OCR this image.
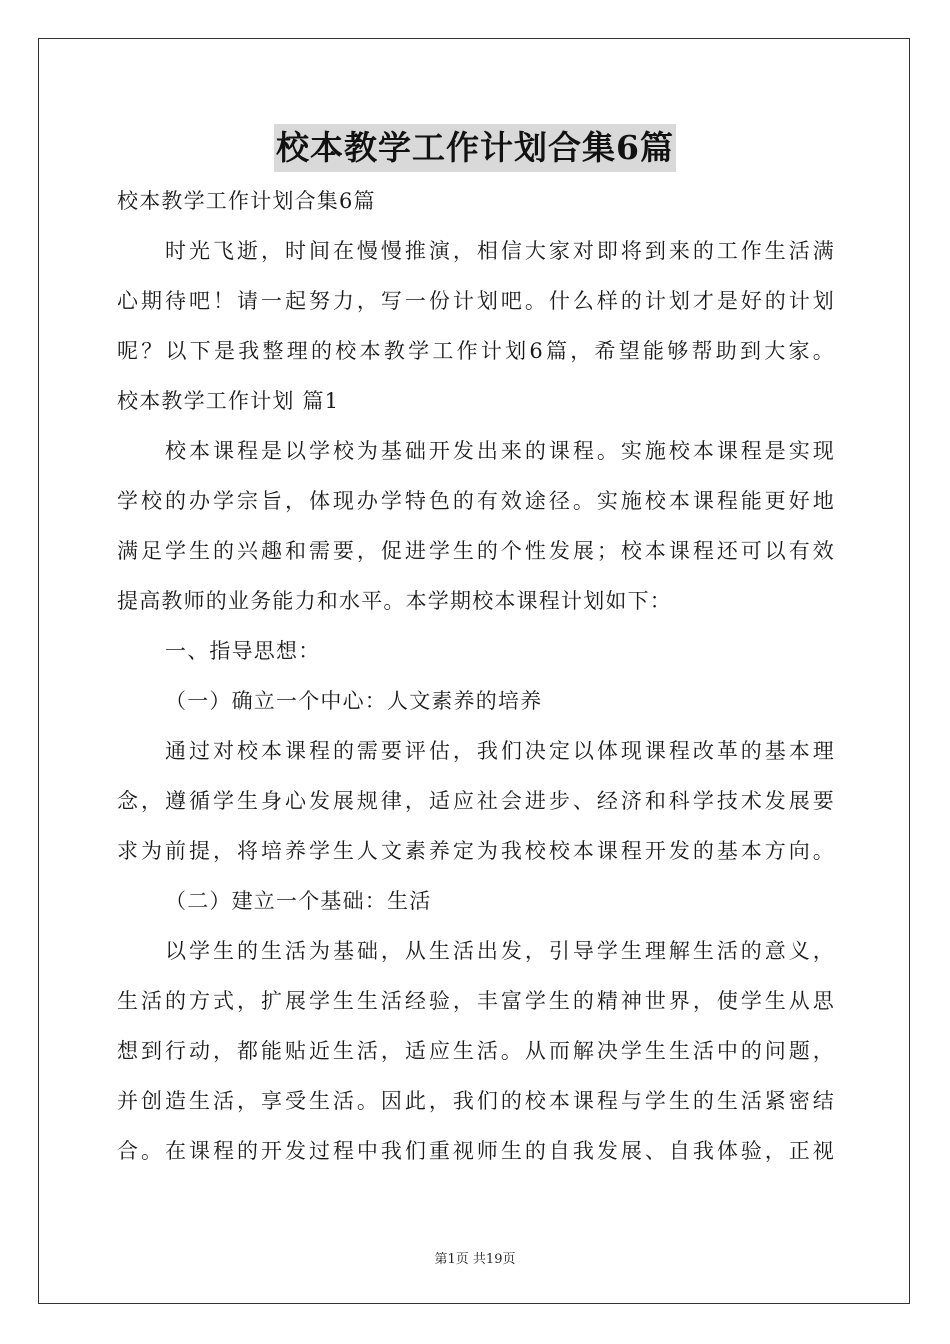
校本教学工作计划合集6篇
校本教学工作计划合集6篇
时光飞逝，时间在慢慢推演，相信大家对即将到来的工作生活满
心期待吧！请一起努力，写一份计划吧。什么样的计划才是好的计划
呢？以下是我整理的校本教学工作计划6篇，希望能够帮助到大家。
校本教学工作计划 篇1
校本课程是以学校为基础开发出来的课程。实施校本课程是实现
学校的办学宗旨，体现办学特色的有效途径。实施校本课程能更好地
满足学生的兴趣和需要，促进学生的个性发展；校本课程还可以有效
提高教师的业务能力和水平。本学期校本课程计划如下：
一、指导思想：
（一）确立一个中心：人文素养的培养
通过对校本课程的需要评估，我们决定以体现课程改革的基本理
念，遵循学生身心发展规律，适应社会进步、经济和科学技术发展要
求为前提，将培养学生人文素养定为我校校本课程开发的基本方向。
（二）建立一个基础：生活
以学生的生活为基础，从生活出发，引导学生理解生活的意义，
生活的方式，扩展学生生活经验，丰富学生的精神世界，使学生从思
想到行动，都能贴近生活，适应生活。从而解决学生生活中的问题，
并创造生活，享受生活。因此，我们的校本课程与学生的生活紧密结
合。在课程的开发过程中我们重视师生的自我发展、自我体验，正视
第1页 共19页
